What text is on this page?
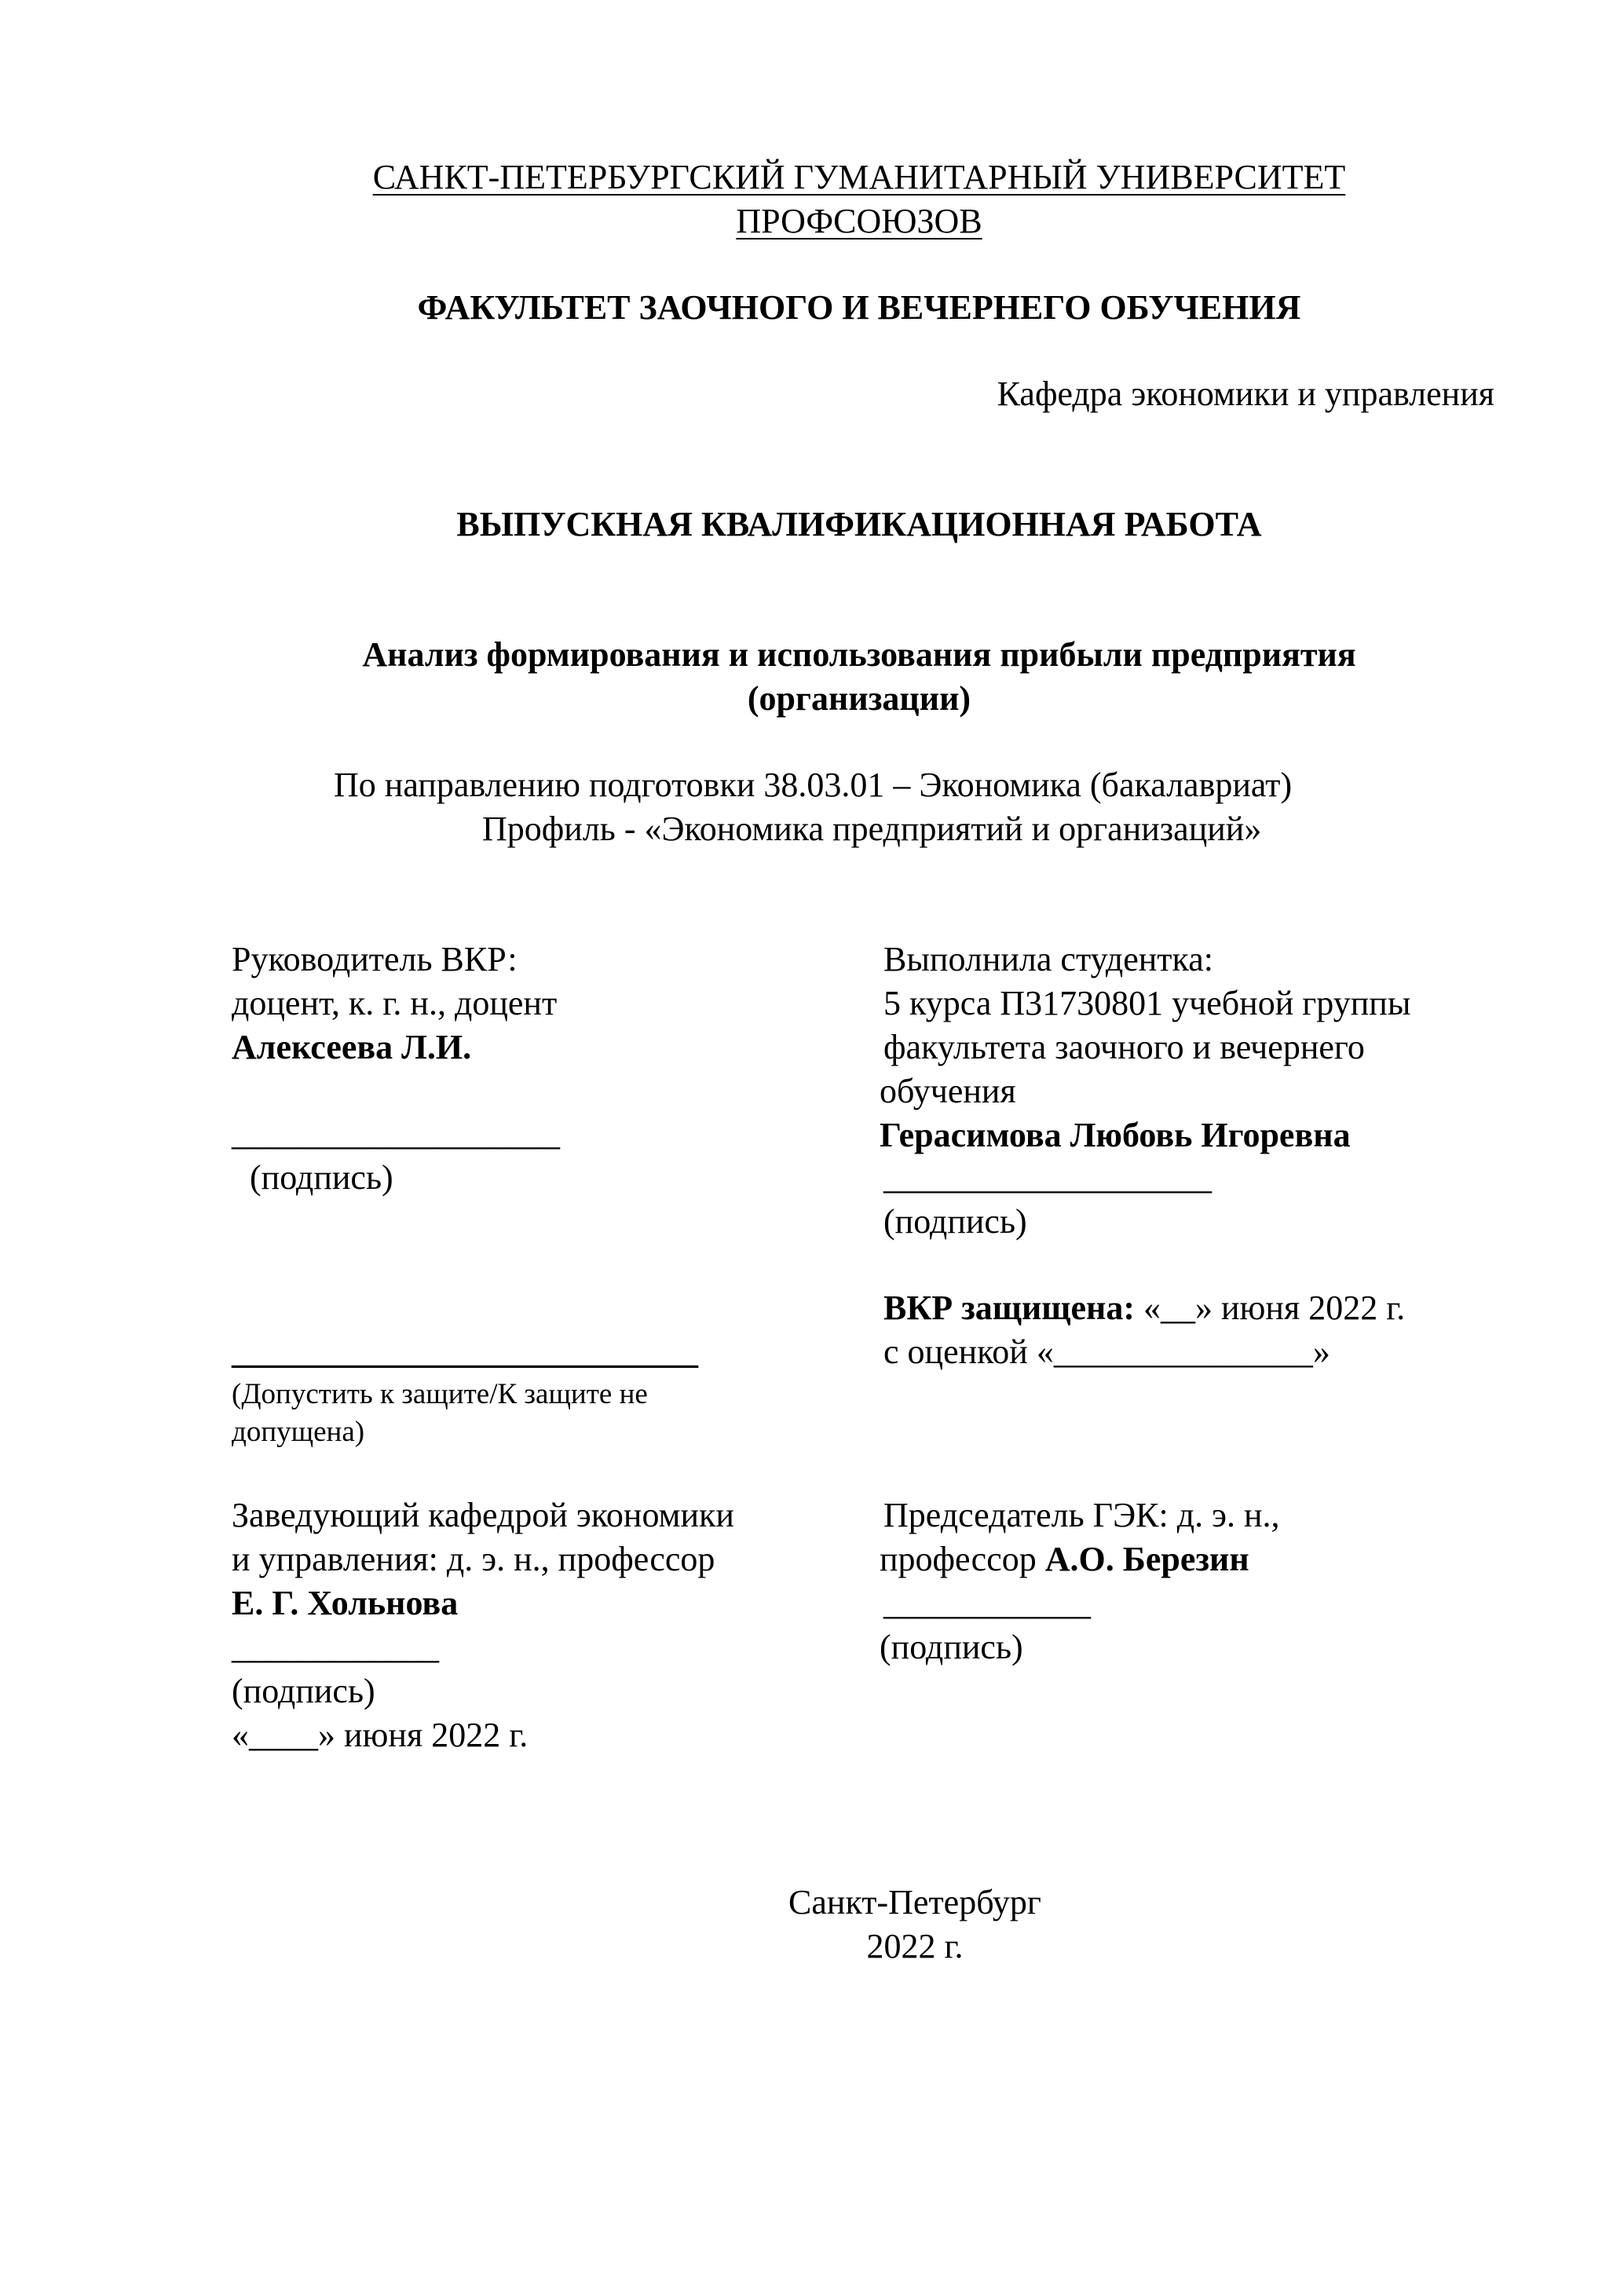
САНКТ-ПЕТЕРБУРГСКИЙ ГУМАНИТАРНЫЙ УНИВЕРСИТЕТ
ПРОФСОЮЗОВ
ФАКУЛЬТЕТ ЗАОЧНОГО И ВЕЧЕРНЕГО ОБУЧЕНИЯ
Кафедра экономики и управления
ВЫПУСКНАЯ КВАЛИФИКАЦИОННАЯ РАБОТА
Анализ формирования и использования прибыли предприятия
(организации)
По направлению подготовки 38.03.01 – Экономика (бакалавриат)
Профиль - «Экономика предприятий и организаций»
Руководитель ВКР:
доцент, к. г. н., доцент
Алексеева Л.И.
___________________
(подпись)
Выполнила студентка:
5 курса П31730801 учебной группы
факультета заочного и вечернего
обучения
Герасимова Любовь Игоревна
___________________
(подпись)
ВКР защищена: «__» июня 2022 г.
с оценкой «_______________»
___________________________
(Допустить к защите/К защите не
допущена)
Заведующий кафедрой экономики
и управления: д. э. н., профессор
Е. Г. Хольнова
____________
(подпись)
«____» июня 2022 г.
Председатель ГЭК: д. э. н.,
профессор А.О. Березин
____________
(подпись)
Санкт-Петербург
2022 г.
